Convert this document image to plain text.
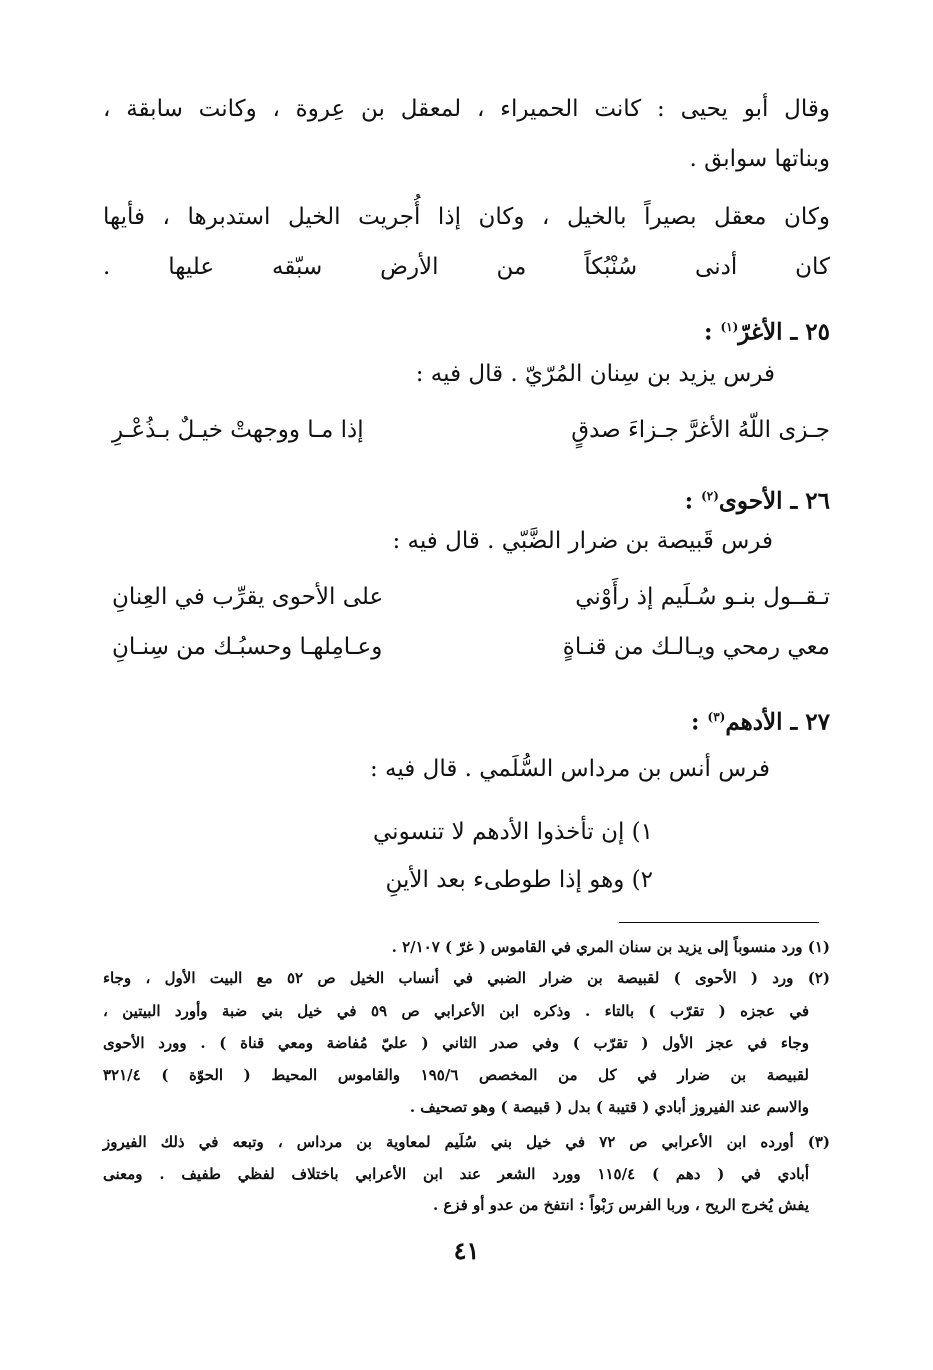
وقال أبو يحيى : كانت الحميراء ، لمعقل بن عِروة ، وكانت سابقة ،
وبناتها سوابق .
وكان معقل بصيراً بالخيل ، وكان إذا أُجريت الخيل استدبرها ، فأيها
كان أدنى سُنْبُكاً من الأرض سبّقه عليها .
٢٥ ـ الأغرّ$^{(١)}$ :
فرس يزيد بن سِنان المُرّيّ . قال فيه :
جـزى اللّهُ الأغرَّ جـزاءَ صدقٍ
إذا مـا ووجهتْ خيـلٌ بـذُعْـرِ
٢٦ ـ الأحوى$^{(٢)}$ :
فرس قَبيصة بن ضرار الضَّبّي . قال فيه :
تـقــول بنـو سُـلَيم إذ رأَوْني
على الأحوى يقرِّب في العِنانِ
معي رمحي ويـالـك من قنـاةٍ
وعـامِلهـا وحسبُـك من سِنـانِ
٢٧ ـ الأدهم$^{(٣)}$ :
فرس أنس بن مرداس السُّلَمي . قال فيه :
١) إن تأخذوا الأدهم لا تنسوني
٢) وهو إذا طوطىء بعد الأينِ
(١) ورد منسوباً إلى يزيد بن سنان المري في القاموس ( غرّ ) ٢/١٠٧ .
(٢) ورد ( الأحوى ) لقبيصة بن ضرار الضبي في أنساب الخيل ص ٥٢ مع البيت الأول ، وجاء
في عجزه ( تقرّب ) بالتاء . وذكره ابن الأعرابي ص ٥٩ في خيل بني ضبة وأورد البيتين ،
وجاء في عجز الأول ( تقرّب ) وفي صدر الثاني ( عليّ مُفاضة ومعي قناة ) . وورد الأحوى
لقبيصة بن ضرار في كل من المخصص ١٩٥/٦ والقاموس المحيط ( الحوّة ) ٣٢١/٤
والاسم عند الفيروز أبادي ( قتيبة ) بدل ( قبيصة ) وهو تصحيف .
(٣) أورده ابن الأعرابي ص ٧٢ في خيل بني سُلَيم لمعاوية بن مرداس ، وتبعه في ذلك الفيروز
أبادي في ( دهم ) ١١٥/٤ وورد الشعر عند ابن الأعرابي باختلاف لفظي طفيف . ومعنى
يفش يُخرج الريح ، وربا الفرس رَبْواً : انتفخ من عدو أو فزع .
٤١
